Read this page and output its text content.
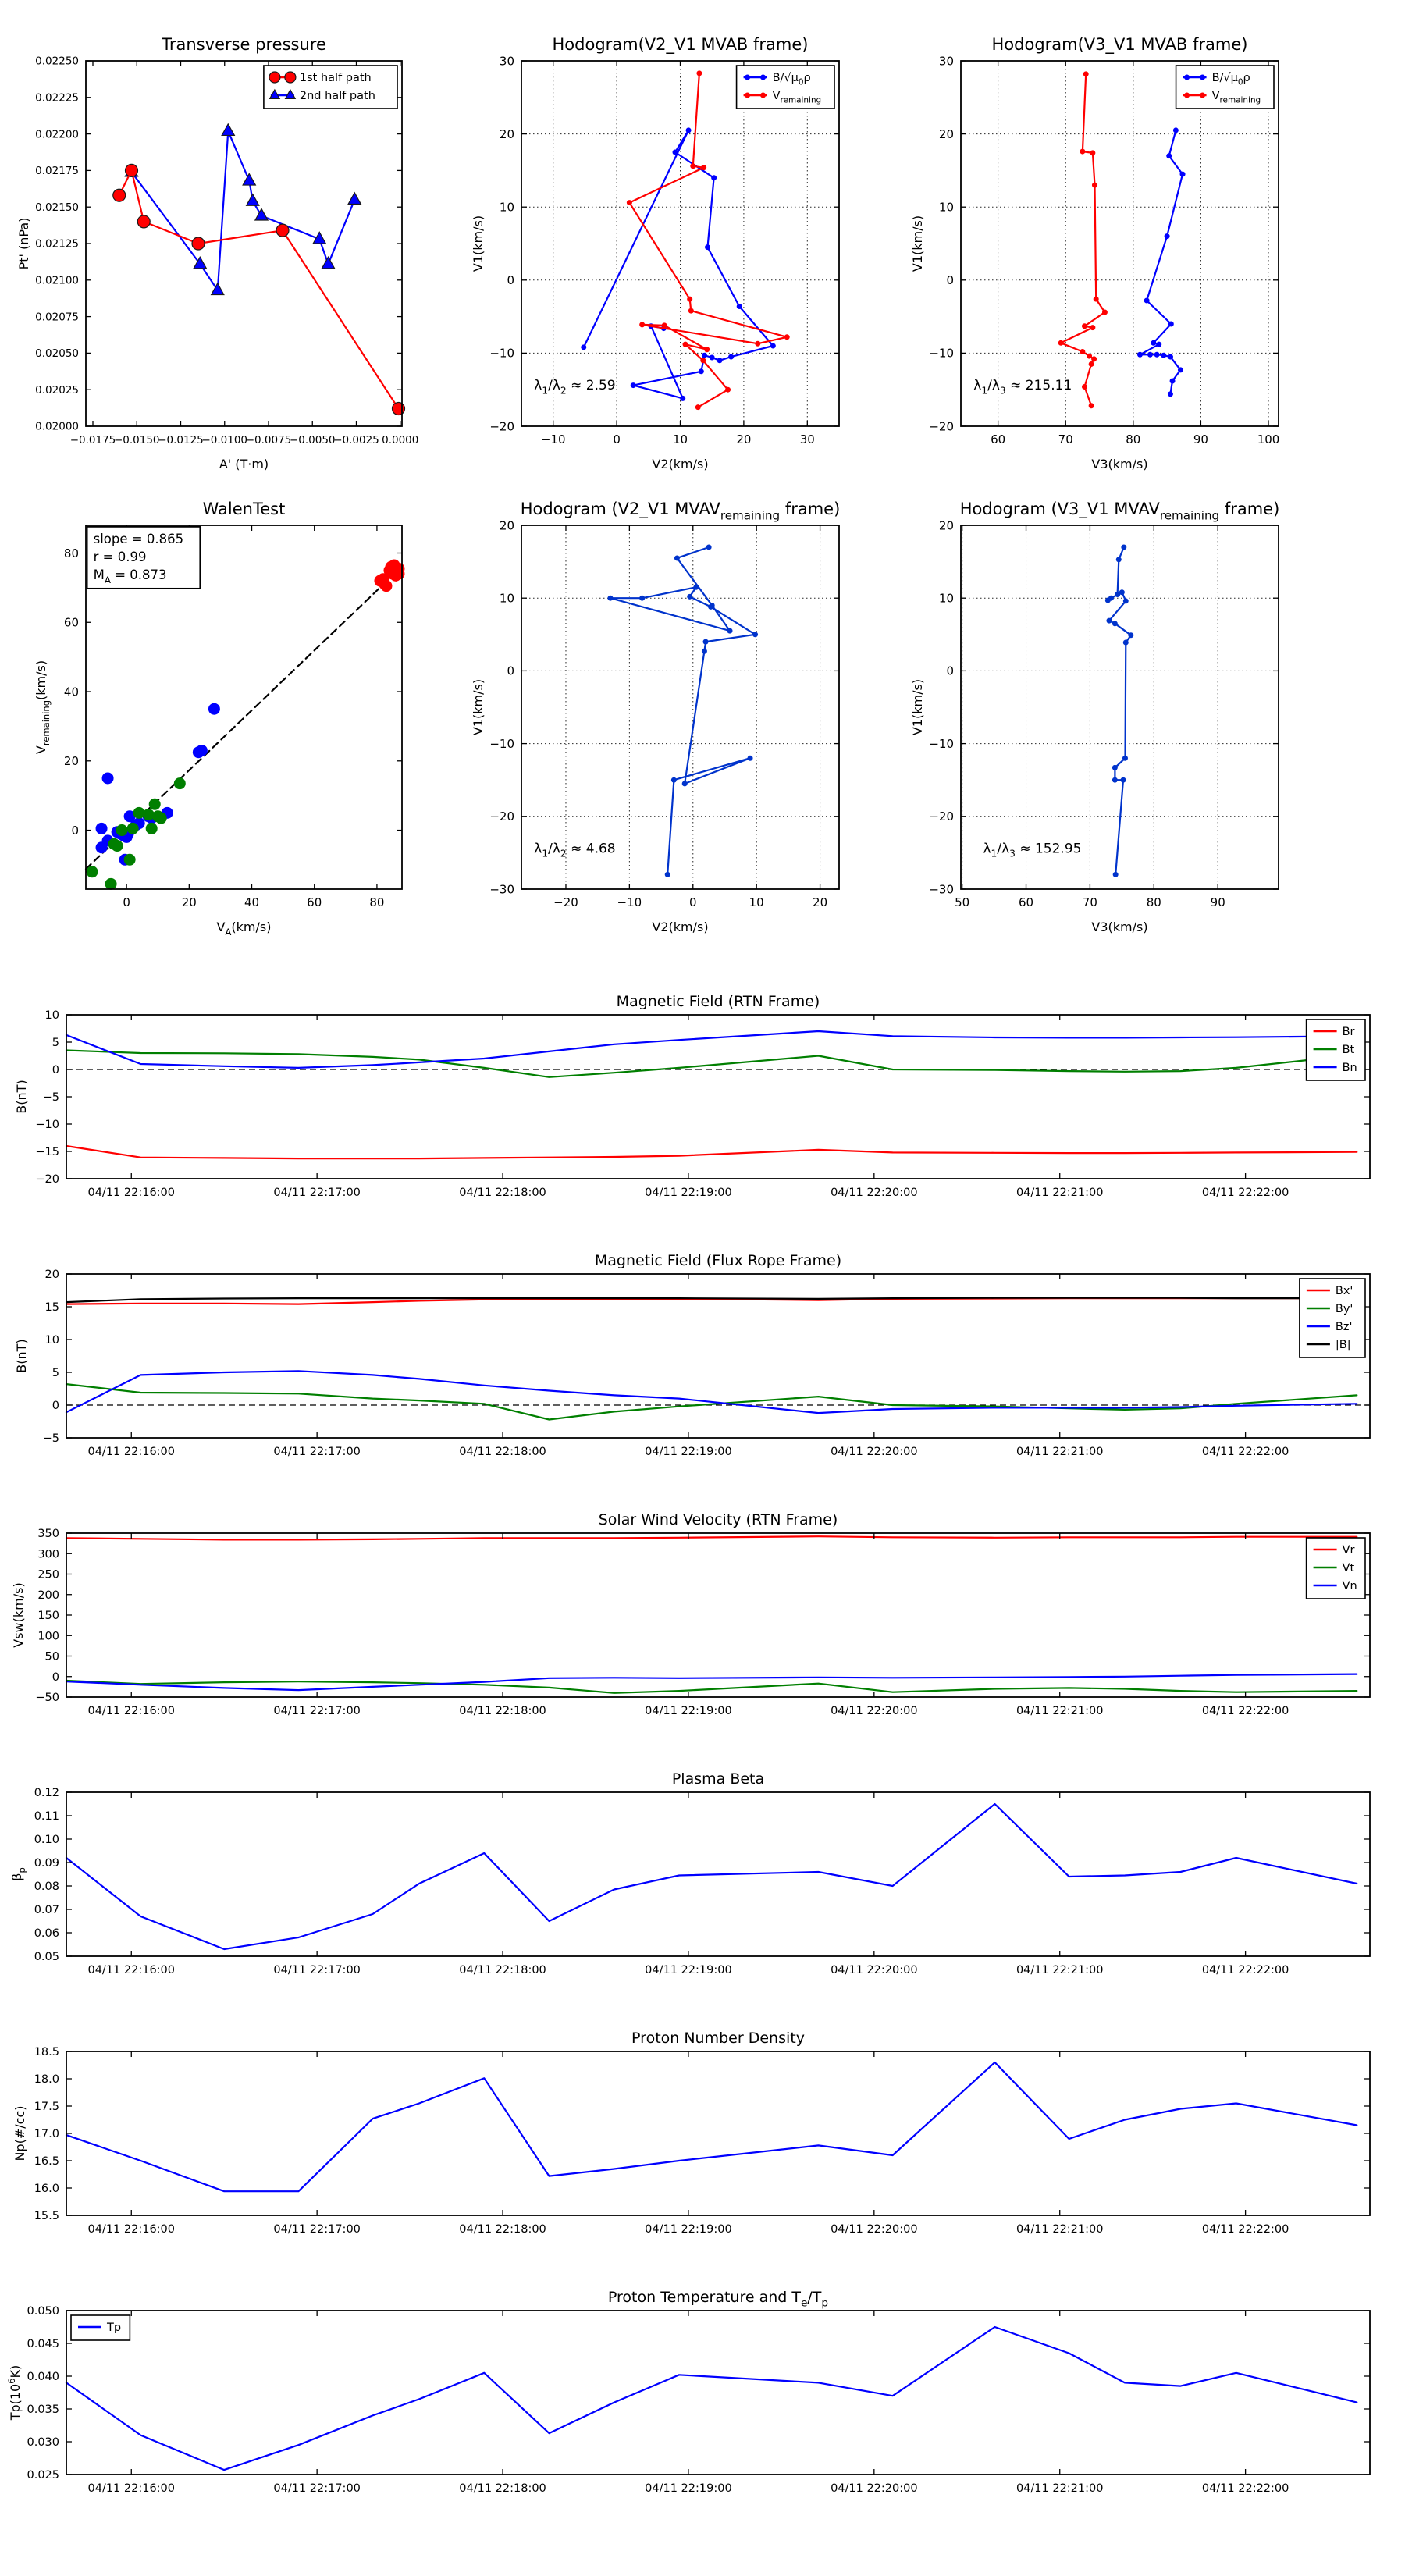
−0.0175
−0.0150
−0.0125
−0.0100
−0.0075
−0.0050
−0.0025 0.0000
0.02000
0.02025
0.02050
0.02075
0.02100
0.02125
0.02150
0.02175
0.02200
0.02225
0.02250
Transverse pressure
A' (T·m)
Pt' (nPa)
1st half path
2nd half path
−10	0	10	20	30
−20
−10
0
10
20
30
Hodogram(V2_V1 MVAB frame)
V2(km/s)
V1(km/s)
$B/√\mu_0\rho$
$V_{remaining}$
$\lambda_1/\lambda_2 \approx 2.59$
60	70	80	90	100
−20
−10
0
10
20
30
Hodogram(V3_V1 MVAB frame)
V3(km/s)
V1(km/s)
$B/√\mu_0\rho$
$V_{remaining}$
$\lambda_1/\lambda_3 \approx 215.11$
0	20	40	60	80
0
20
40
60
80
WalenTest
$V_A(km/s)$
$V_{remaining}(km/s)$
slope = 0.865
r = 0.99
$M_A = 0.873$
−20	−10	0	10	20
−30
−20
−10
0
10
20
Hodogram (V2_V1 $MVAV_{remaining}$ frame)
V2(km/s)
V1(km/s)
$\lambda_1/\lambda_2 \approx 4.68$
50	60	70	80	90
−30
−20
−10
0
10
20
Hodogram (V3_V1 $MVAV_{remaining}$ frame)
V3(km/s)
V1(km/s)
$\lambda_1/\lambda_3 \approx 152.95$
04/11 22:16:00	04/11 22:17:00	04/11 22:18:00	04/11 22:19:00	04/11 22:20:00	04/11 22:21:00	04/11 22:22:00
−20
−15
−10
−5
0
5
10
Magnetic Field (RTN Frame)
B(nT)
Br
Bt
Bn
04/11 22:16:00	04/11 22:17:00	04/11 22:18:00	04/11 22:19:00	04/11 22:20:00	04/11 22:21:00	04/11 22:22:00
−5
0
5
10
15
20
Magnetic Field (Flux Rope Frame)
B(nT)
Bx'
By'
Bz'
|B|
04/11 22:16:00	04/11 22:17:00	04/11 22:18:00	04/11 22:19:00	04/11 22:20:00	04/11 22:21:00	04/11 22:22:00
−50
0
50
100
150
200
250
300
350
Solar Wind Velocity (RTN Frame)
Vsw(km/s)
Vr
Vt
Vn
04/11 22:16:00	04/11 22:17:00	04/11 22:18:00	04/11 22:19:00	04/11 22:20:00	04/11 22:21:00	04/11 22:22:00
0.05
0.06
0.07
0.08
0.09
0.10
0.11
0.12
Plasma Beta
$\beta_p$
04/11 22:16:00	04/11 22:17:00	04/11 22:18:00	04/11 22:19:00	04/11 22:20:00	04/11 22:21:00	04/11 22:22:00
15.5
16.0
16.5
17.0
17.5
18.0
18.5
Proton Number Density
Np(#/cc)
04/11 22:16:00	04/11 22:17:00	04/11 22:18:00	04/11 22:19:00	04/11 22:20:00	04/11 22:21:00	04/11 22:22:00
0.025
0.030
0.035
0.040
0.045
0.050
Proton Temperature and $T_e/T_p$
$Tp(10^6K)$
Tp
